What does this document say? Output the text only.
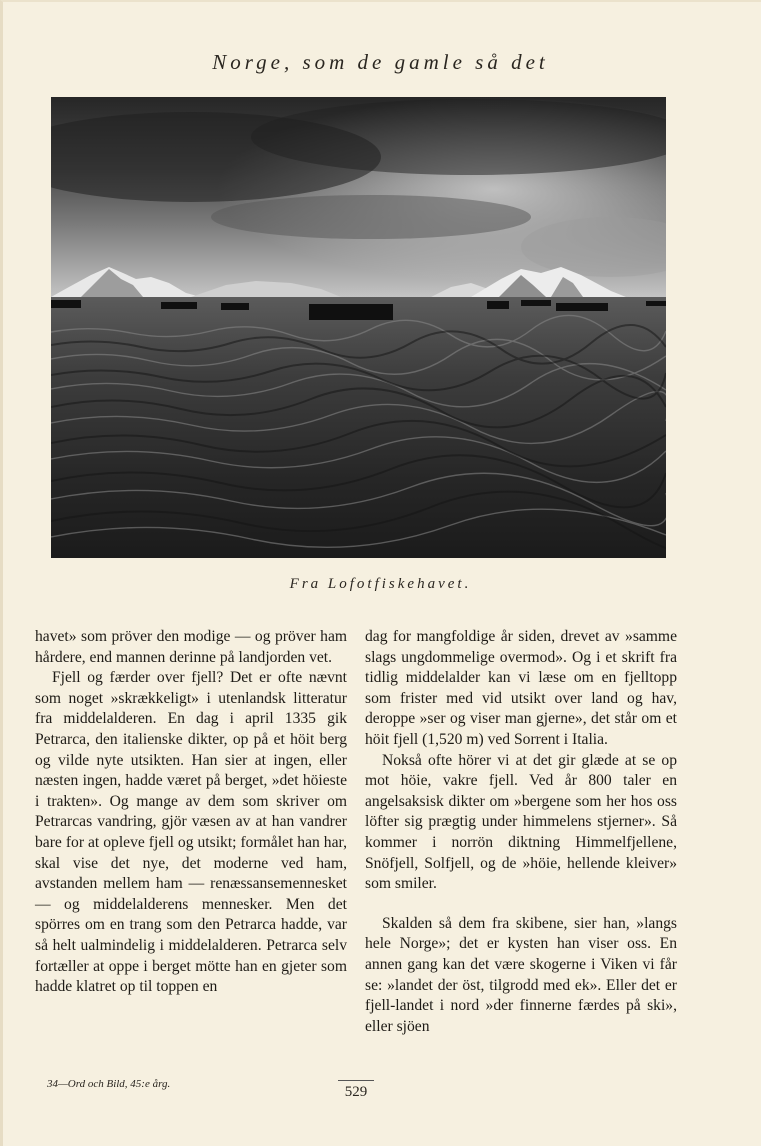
Norge, som de gamle så det
Fra Lofotfiskehavet.

havet» som pröver den modige — og pröver ham hårdere, end mannen derinne på landjorden vet.

Fjell og færder over fjell? Det er ofte nævnt som noget »skrækkeligt» i utenlandsk litteratur fra middelalderen. En dag i april 1335 gik Petrarca, den italienske dikter, op på et höit berg og vilde nyte utsikten. Han sier at ingen, eller næsten ingen, hadde været på berget, »det höieste i trakten». Og mange av dem som skriver om Petrarcas vandring, gjör væsen av at han vandrer bare for at opleve fjell og utsikt; formålet han har, skal vise det nye, det moderne ved ham, avstanden mellem ham — renæssansemennesket — og middelalderens mennesker. Men det spörres om en trang som den Petrarca hadde, var så helt ualmindelig i middelalderen. Petrarca selv fortæller at oppe i berget mötte han en gjeter som hadde klatret op til toppen en

dag for mangfoldige år siden, drevet av »samme slags ungdommelige overmod». Og i et skrift fra tidlig middelalder kan vi læse om en fjelltopp som frister med vid utsikt over land og hav, deroppe »ser og viser man gjerne», det står om et höit fjell (1,520 m) ved Sorrent i Italia.

Nokså ofte hörer vi at det gir glæde at se op mot höie, vakre fjell. Ved år 800 taler en angelsaksisk dikter om »bergene som her hos oss löfter sig prægtig under himmelens stjerner». Så kommer i norrön diktning Himmelfjellene, Snöfjell, Solfjell, og de »höie, hellende kleiver» som smiler.

Skalden så dem fra skibene, sier han, »langs hele Norge»; det er kysten han viser oss. En annen gang kan det være skogerne i Viken vi får se: »landet der öst, tilgrodd med ek». Eller det er fjell-landet i nord »der finnerne færdes på ski», eller sjöen

34—Ord och Bild, 45:e årg.	529
